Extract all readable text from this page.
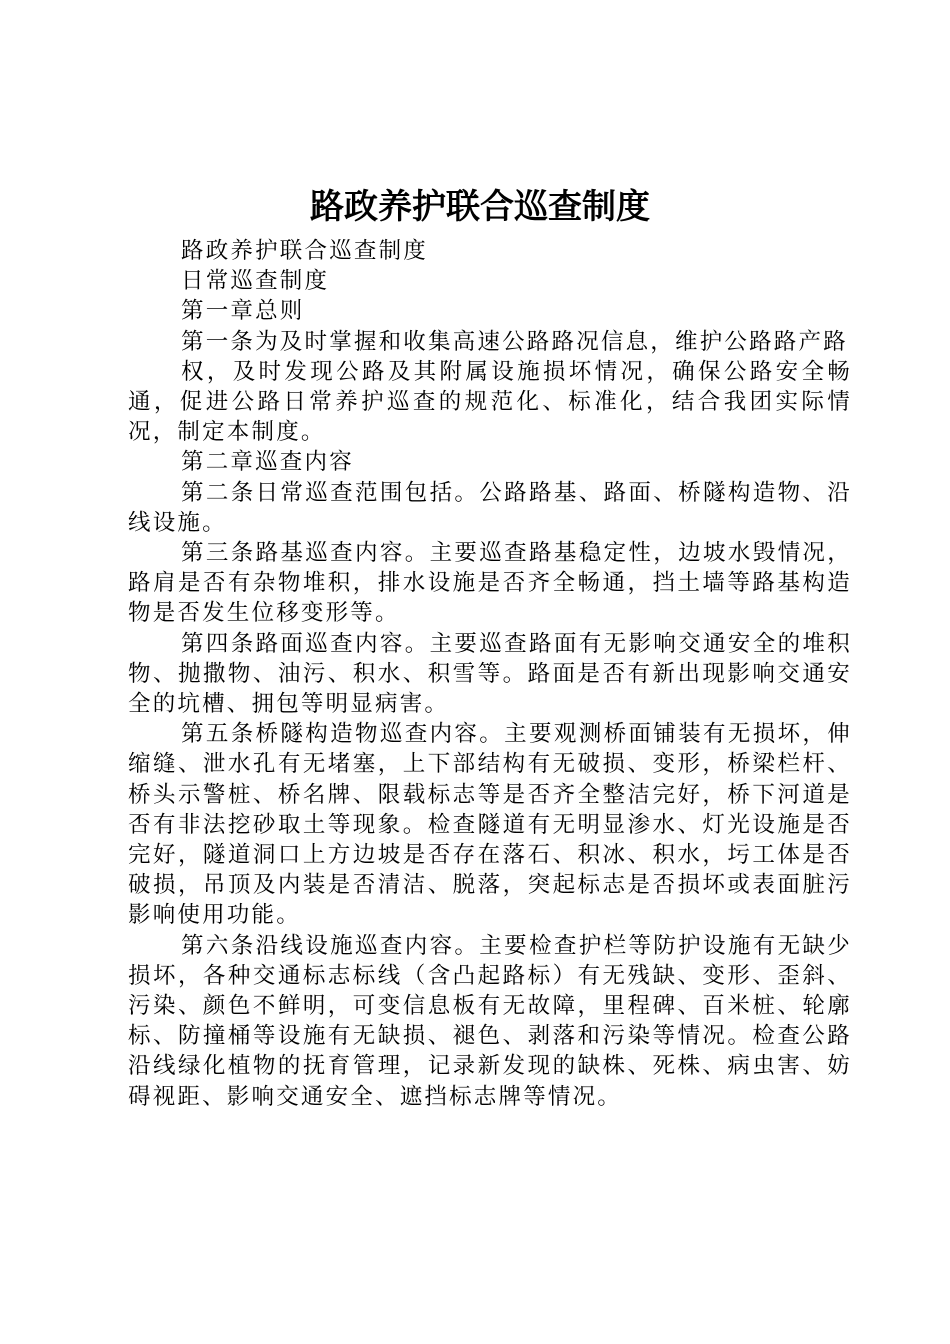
路政养护联合巡查制度

路政养护联合巡查制度

日常巡查制度

第一章总则

第一条为及时掌握和收集高速公路路况信息，维护公路路产路

权，及时发现公路及其附属设施损坏情况，确保公路安全畅通，促进公路日常养护巡查的规范化、标准化，结合我团实际情况，制定本制度。

第二章巡查内容

第二条日常巡查范围包括。公路路基、路面、桥隧构造物、沿线设施。

第三条路基巡查内容。主要巡查路基稳定性，边坡水毁情况，路肩是否有杂物堆积，排水设施是否齐全畅通，挡土墙等路基构造物是否发生位移变形等。

第四条路面巡查内容。主要巡查路面有无影响交通安全的堆积物、抛撒物、油污、积水、积雪等。路面是否有新出现影响交通安全的坑槽、拥包等明显病害。

第五条桥隧构造物巡查内容。主要观测桥面铺装有无损坏，伸缩缝、泄水孔有无堵塞，上下部结构有无破损、变形，桥梁栏杆、桥头示警桩、桥名牌、限载标志等是否齐全整洁完好，桥下河道是否有非法挖砂取土等现象。检查隧道有无明显渗水、灯光设施是否完好，隧道洞口上方边坡是否存在落石、积冰、积水，圬工体是否破损，吊顶及内装是否清洁、脱落，突起标志是否损坏或表面脏污影响使用功能。

第六条沿线设施巡查内容。主要检查护栏等防护设施有无缺少损坏，各种交通标志标线（含凸起路标）有无残缺、变形、歪斜、污染、颜色不鲜明，可变信息板有无故障，里程碑、百米桩、轮廓标、防撞桶等设施有无缺损、褪色、剥落和污染等情况。检查公路沿线绿化植物的抚育管理，记录新发现的缺株、死株、病虫害、妨碍视距、影响交通安全、遮挡标志牌等情况。
